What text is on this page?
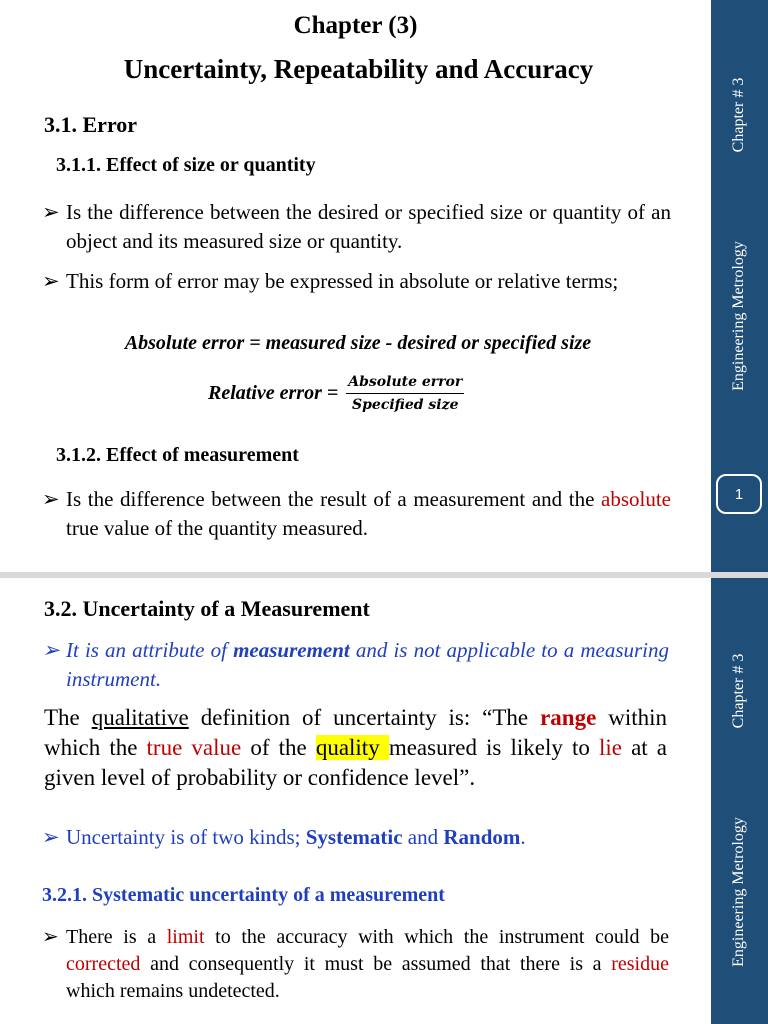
Chapter (3)
Uncertainty, Repeatability and Accuracy
3.1. Error
3.1.1. Effect of size or quantity
➢ Is the difference between the desired or specified size or quantity of an object and its measured size or quantity.
➢ This form of error may be expressed in absolute or relative terms;
Absolute error = measured size - desired or specified size
Relative error = $\frac{\text{Absolute error}}{\text{Specified size}}$
3.1.2. Effect of measurement
➢ Is the difference between the result of a measurement and the absolute true value of the quantity measured.
Chapter # 3
Engineering Metrology
1
3.2. Uncertainty of a Measurement
➢ It is an attribute of measurement and is not applicable to a measuring instrument.
The qualitative definition of uncertainty is: “The range within which the true value of the quality measured is likely to lie at a given level of probability or confidence level”.
➢ Uncertainty is of two kinds; Systematic and Random.
3.2.1. Systematic uncertainty of a measurement
➢ There is a limit to the accuracy with which the instrument could be corrected and consequently it must be assumed that there is a residue which remains undetected.
Chapter # 3
Engineering Metrology
